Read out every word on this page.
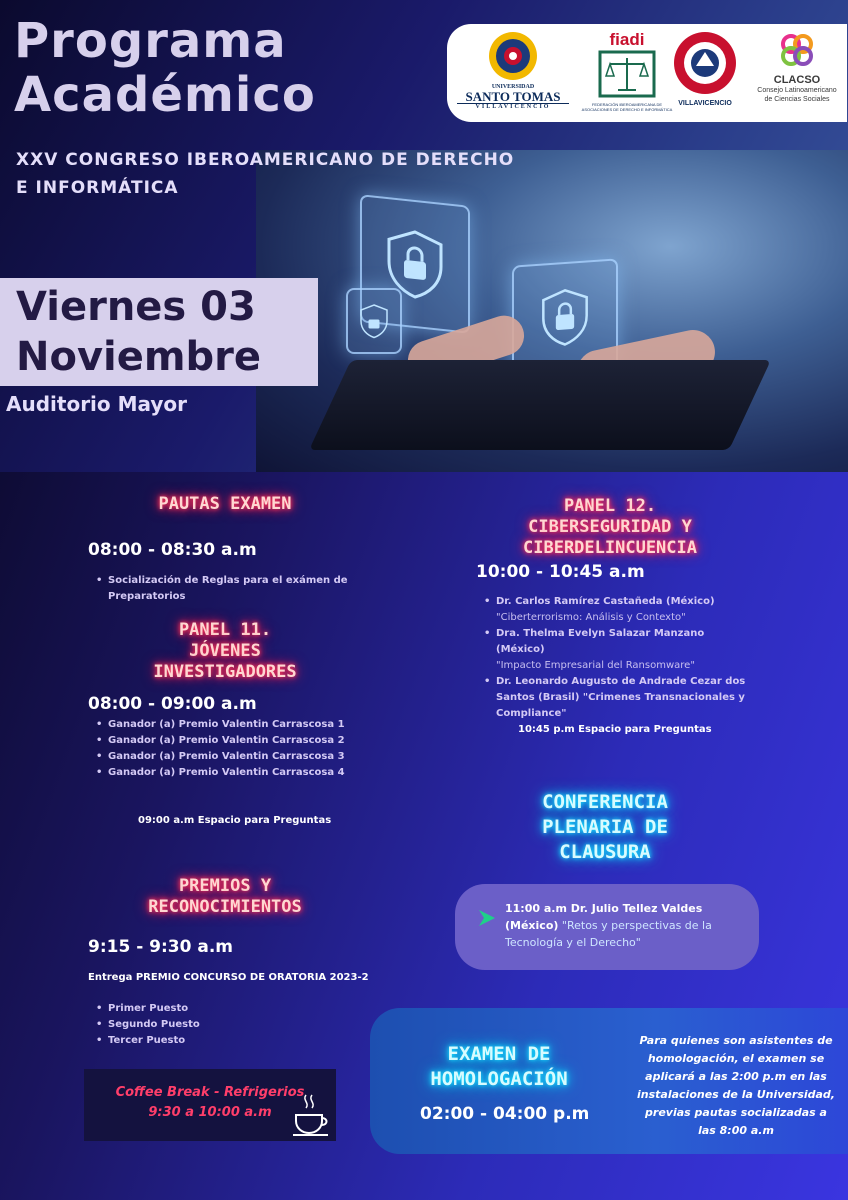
Programa
Académico
XXV CONGRESO IBEROAMERICANO DE DERECHO
E INFORMÁTICA
UNIVERSIDAD
SANTO TOMAS
VILLAVICENCIO
fiadi
FEDERACIÓN IBEROAMERICANA DE ASOCIACIONES DE DERECHO E INFORMÁTICA
VILLAVICENCIO
CLACSO
Consejo Latinoamericano
de Ciencias Sociales
Viernes 03
Noviembre
Auditorio Mayor
PAUTAS EXAMEN
08:00 - 08:30 a.m
• Socialización de Reglas para el exámen de Preparatorios
PANEL 11.
JÓVENES
INVESTIGADORES
08:00 - 09:00 a.m
• Ganador (a) Premio Valentin Carrascosa 1
• Ganador (a) Premio Valentin Carrascosa 2
• Ganador (a) Premio Valentin Carrascosa 3
• Ganador (a) Premio Valentin Carrascosa 4
09:00 a.m Espacio para Preguntas
PREMIOS Y
RECONOCIMIENTOS
9:15 - 9:30 a.m
Entrega PREMIO CONCURSO DE ORATORIA 2023-2
• Primer Puesto
• Segundo Puesto
• Tercer Puesto
Coffee Break - Refrigerios
9:30 a 10:00 a.m
PANEL 12.
CIBERSEGURIDAD Y
CIBERDELINCUENCIA
10:00 - 10:45 a.m
• Dr. Carlos Ramírez Castañeda (México)
"Ciberterrorismo: Análisis y Contexto"
• Dra. Thelma Evelyn Salazar Manzano (México)
"Impacto Empresarial del Ransomware"
• Dr. Leonardo Augusto de Andrade Cezar dos Santos (Brasil) "Crimenes Transnacionales y Compliance"
10:45 p.m Espacio para Preguntas
CONFERENCIA
PLENARIA DE
CLAUSURA
11:00 a.m Dr. Julio Tellez Valdes (México) "Retos y perspectivas de la Tecnología y el Derecho"
EXAMEN DE
HOMOLOGACIÓN
02:00 - 04:00 p.m
Para quienes son asistentes de homologación, el examen se aplicará a las 2:00 p.m en las instalaciones de la Universidad, previas pautas socializadas a las 8:00 a.m
